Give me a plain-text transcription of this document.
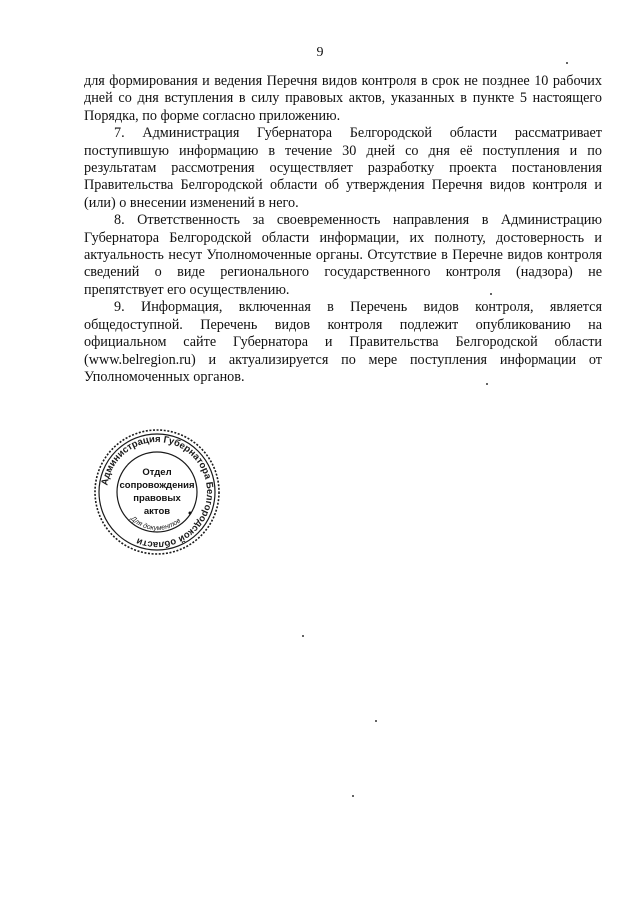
9

для формирования и ведения Перечня видов контроля в срок не позднее 10 рабочих дней со дня вступления в силу правовых актов, указанных в пункте 5 настоящего Порядка, по форме согласно приложению.

7. Администрация Губернатора Белгородской области рассматривает поступившую информацию в течение 30 дней со дня её поступления и по результатам рассмотрения осуществляет разработку проекта постановления Правительства Белгородской области об утверждения Перечня видов контроля и (или) о внесении изменений в него.

8. Ответственность за своевременность направления в Администрацию Губернатора Белгородской области информации, их полноту, достоверность и актуальность несут Уполномоченные органы. Отсутствие в Перечне видов контроля сведений о виде регионального государственного контроля (надзора) не препятствует его осуществлению.

9. Информация, включенная в Перечень видов контроля, является общедоступной. Перечень видов контроля подлежит опубликованию на официальном сайте Губернатора и Правительства Белгородской области (www.belregion.ru) и актуализируется по мере поступления информации от Уполномоченных органов.

Администрация Губернатора Белгородской области
Для документов
Отдел
сопровождения
правовых
актов
